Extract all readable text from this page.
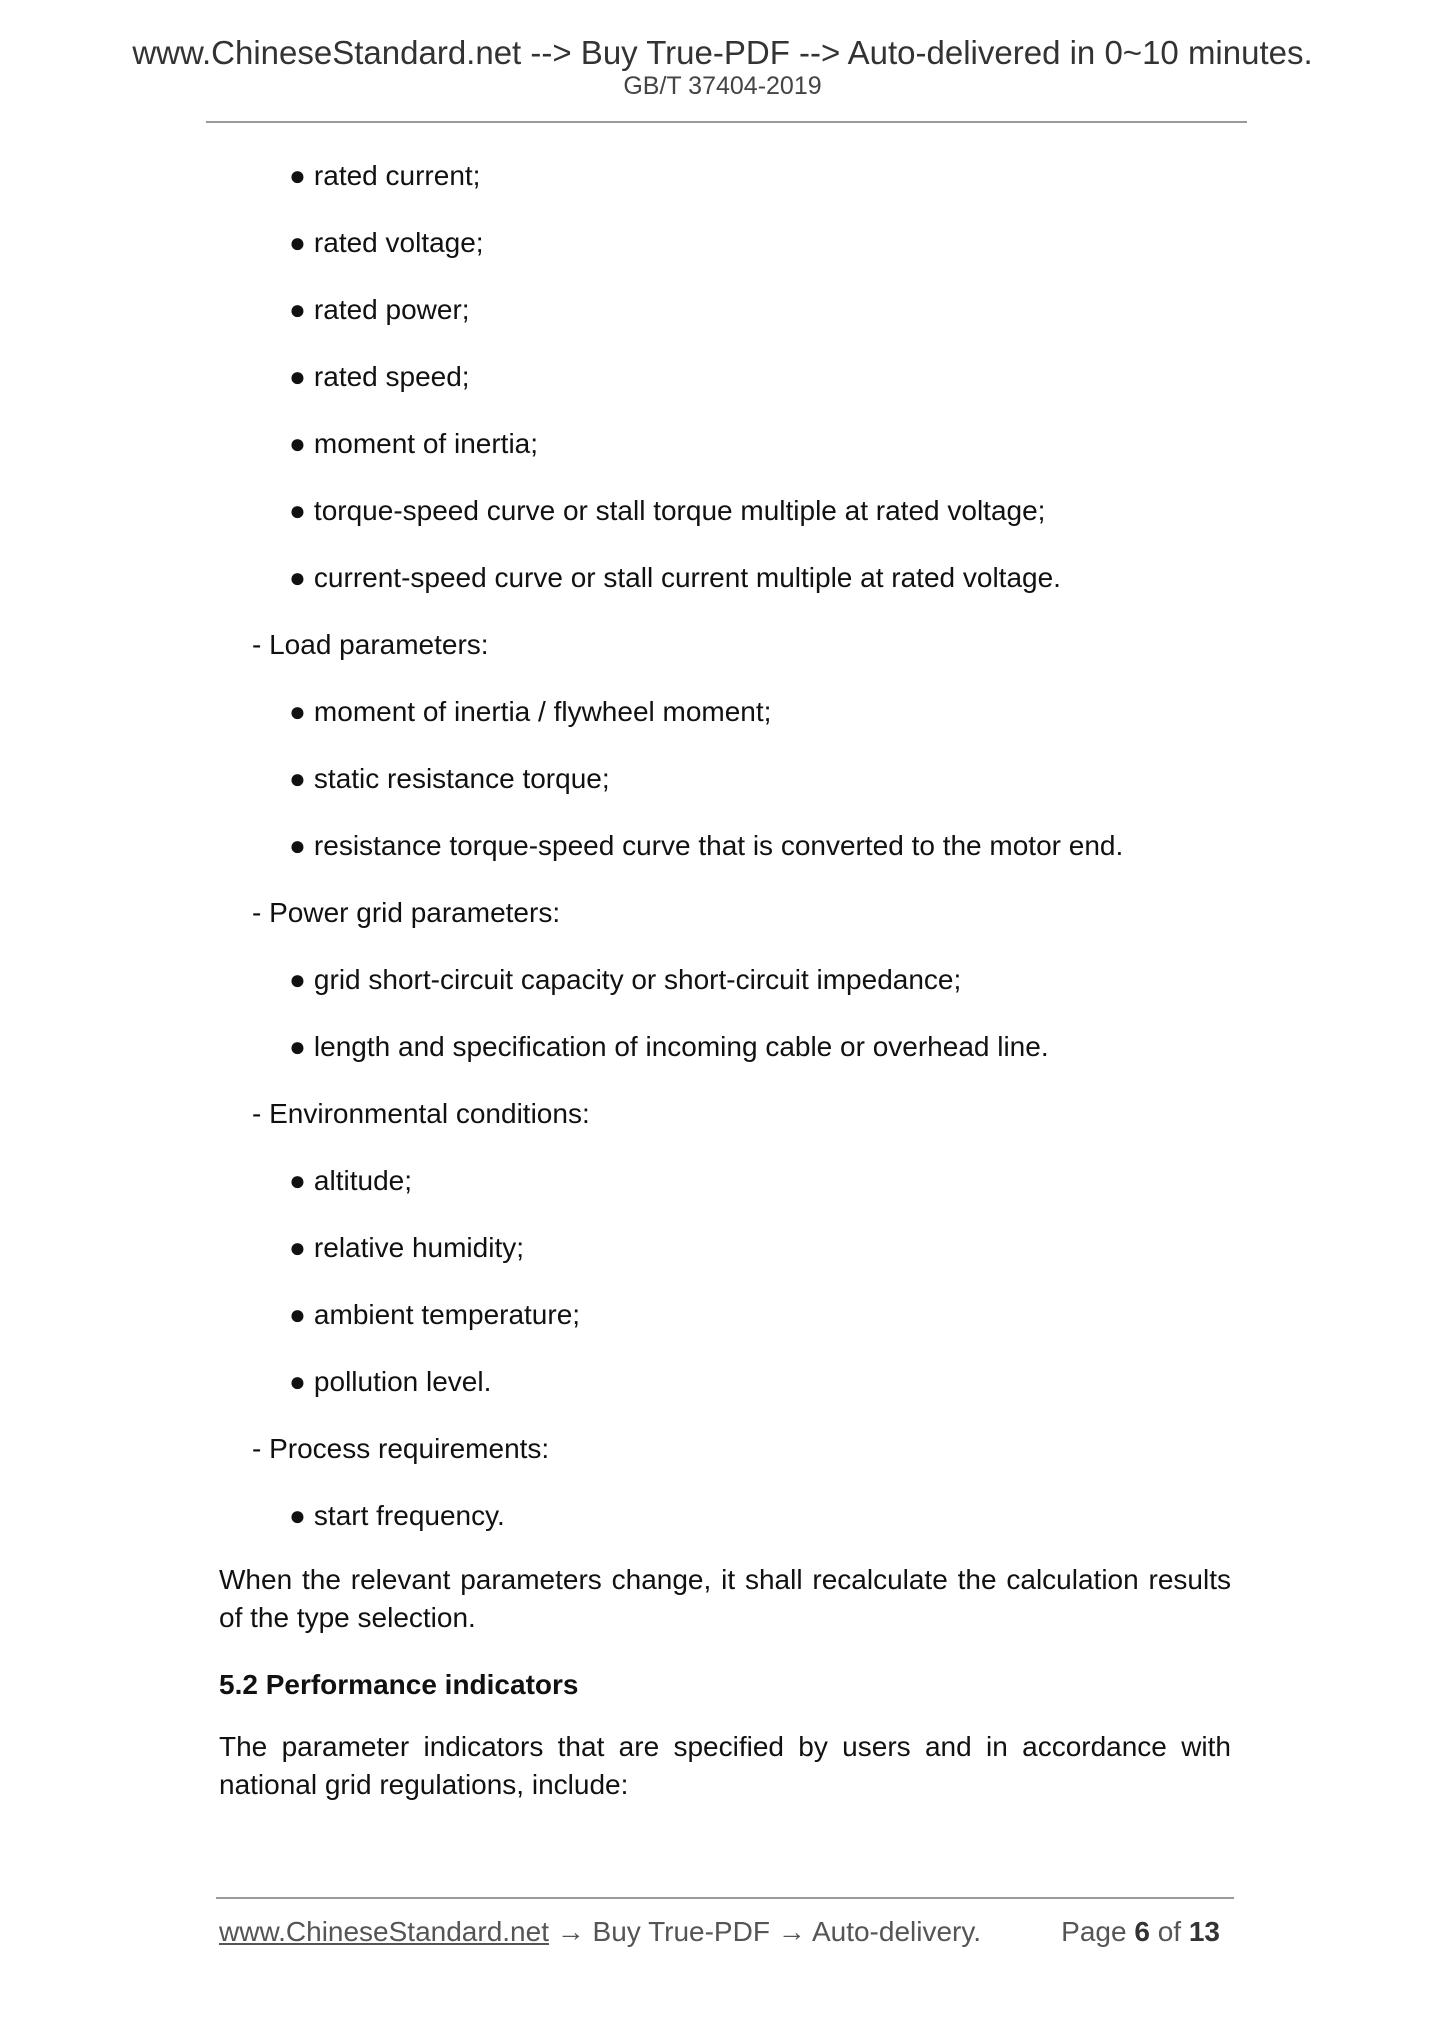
www.ChineseStandard.net --> Buy True-PDF --> Auto-delivered in 0~10 minutes.
GB/T 37404-2019
● rated current;
● rated voltage;
● rated power;
● rated speed;
● moment of inertia;
● torque-speed curve or stall torque multiple at rated voltage;
● current-speed curve or stall current multiple at rated voltage.
- Load parameters:
● moment of inertia / flywheel moment;
● static resistance torque;
● resistance torque-speed curve that is converted to the motor end.
- Power grid parameters:
● grid short-circuit capacity or short-circuit impedance;
● length and specification of incoming cable or overhead line.
- Environmental conditions:
● altitude;
● relative humidity;
● ambient temperature;
● pollution level.
- Process requirements:
● start frequency.
When the relevant parameters change, it shall recalculate the calculation results of the type selection.
5.2 Performance indicators
The parameter indicators that are specified by users and in accordance with national grid regulations, include:
www.ChineseStandard.net → Buy True-PDF → Auto-delivery.	Page 6 of 13
